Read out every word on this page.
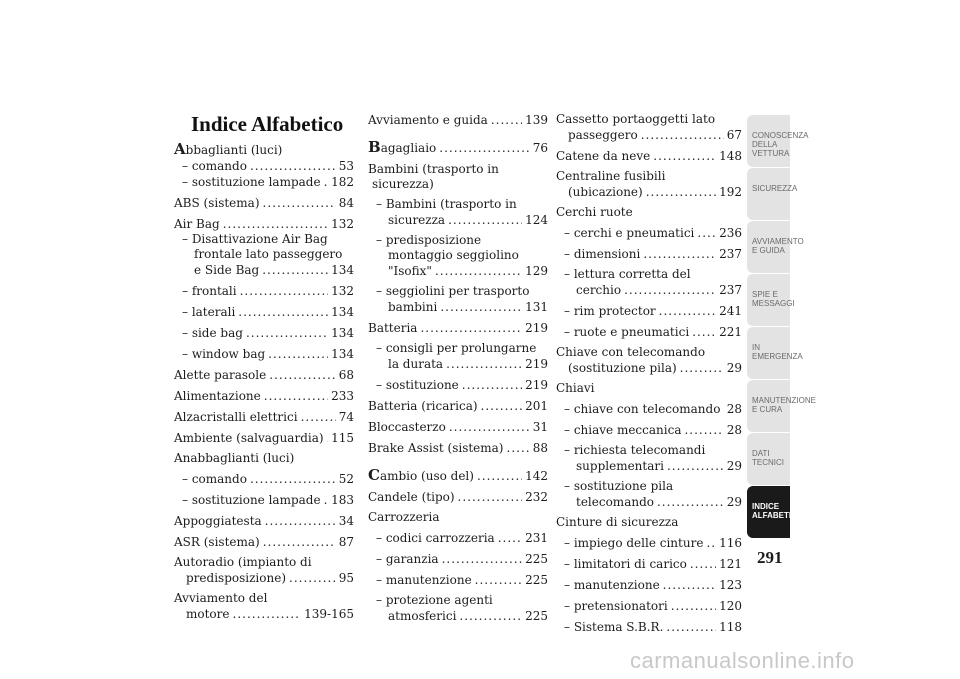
Indice Alfabetico
Abbaglianti (luci)
– comando .....	53
– sostituzione lampade ..... 182
ABS (sistema) .....	84
Air Bag .....	132
– Disattivazione Air Bag
frontale lato passeggero
e Side Bag .....	134
– frontali .....	132
– laterali .....	134
– side bag .....	134
– window bag .....	134
Alette parasole .....	68
Alimentazione .....	233
Alzacristalli elettrici .....	74
Ambiente (salvaguardia) ..... 115
Anabbaglianti (luci)
– comando .....	52
– sostituzione lampade ..... 183
Appoggiatesta .....	34
ASR (sistema) .....	87
Autoradio (impianto di
predisposizione) .....	95
Avviamento del
motore .....	139-165
Avviamento e guida .....	139
Bagagliaio .....	76
Bambini (trasporto in
sicurezza)
– Bambini (trasporto in
sicurezza .....	124
– predisposizione
montaggio seggiolino
"Isofix" .....	129
– seggiolini per trasporto
bambini .....	131
Batteria .....	219
– consigli per prolungarne
la durata .....	219
– sostituzione .....	219
Batteria (ricarica) .....	201
Bloccasterzo .....	31
Brake Assist (sistema) ..... 88
Cambio (uso del) .....	142
Candele (tipo) .....	232
Carrozzeria
– codici carrozzeria .....	231
– garanzia .....	225
– manutenzione .....	225
– protezione agenti
atmosferici .....	225
Cassetto portaoggetti lato
passeggero .....	67
Catene da neve .....	148
Centraline fusibili
(ubicazione) .....	192
Cerchi ruote
– cerchi e pneumatici ..... 236
– dimensioni .....	237
– lettura corretta del
cerchio .....	237
– rim protector .....	241
– ruote e pneumatici ..... 221
Chiave con telecomando
(sostituzione pila) .....	29
Chiavi
– chiave con telecomando ..... 28
– chiave meccanica .....	28
– richiesta telecomandi
supplementari .....	29
– sostituzione pila
telecomando .....	29
Cinture di sicurezza
– impiego delle cinture ..... 116
– limitatori di carico .....	121
– manutenzione .....	123
– pretensionatori .....	120
– Sistema S.B.R. .....	118
CONOSCENZA DELLA VETTURA
SICUREZZA
AVVIAMENTO E GUIDA
SPIE E MESSAGGI
IN EMERGENZA
MANUTENZIONE E CURA
DATI TECNICI
INDICE ALFABETICO
291
carmanualsonline.info
